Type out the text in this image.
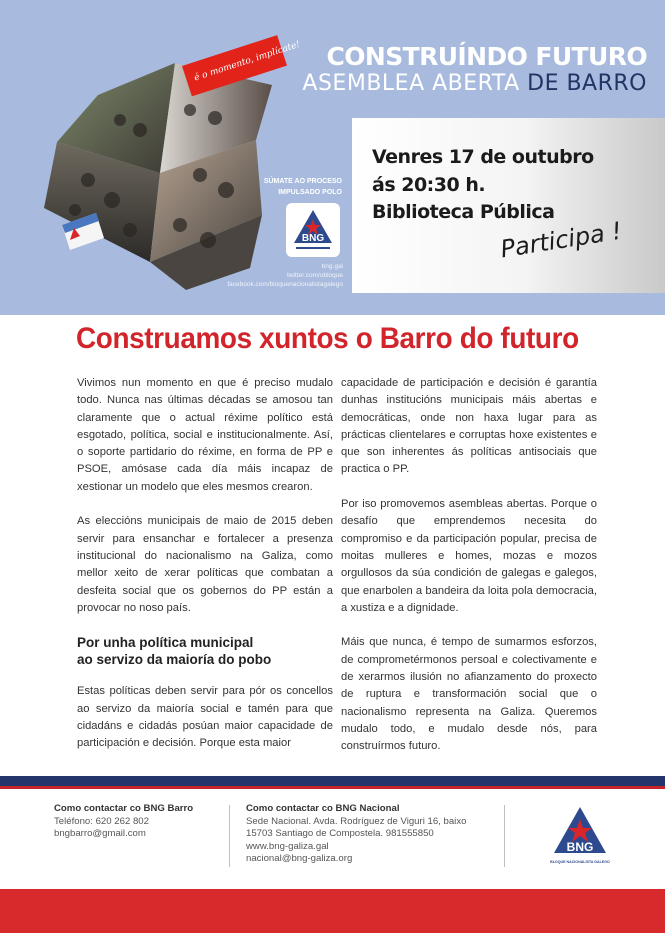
é o momento, implícate!	CONSTRUÍNDO FUTURO
ASEMBLEA ABERTA DE BARRO
SÚMATE AO PROCESO
IMPULSADO POLO
BNG
bng.gal
twitter.com/obloque
facebook.com/bloquenacionalistagalego
Venres 17 de outubro
ás 20:30 h.
Biblioteca Pública
Participa !
Construamos xuntos o Barro do futuro

Vivimos nun momento en que é preciso mudalo todo. Nunca nas últimas décadas se amosou tan claramente que o actual réxime político está esgotado, política, social e institucionalmente. Así, o soporte partidario do réxime, en forma de PP e PSOE, amósase cada día máis incapaz de xestionar un modelo que eles mesmos crearon.

As eleccións municipais de maio de 2015 deben servir para ensanchar e fortalecer a presenza institucional do nacionalismo na Galiza, como mellor xeito de xerar políticas que combatan a desfeita social que os gobernos do PP están a provocar no noso país.

Por unha política municipal
ao servizo da maioría do pobo

Estas políticas deben servir para pór os concellos ao servizo da maioría social e tamén para que cidadáns e cidadás posúan maior capacidade de participación e decisión. Porque esta maior

capacidade de participación e decisión é garantía dunhas institucións municipais máis abertas e democráticas, onde non haxa lugar para as prácticas clientelares e corruptas hoxe existentes e que son inherentes ás políticas antisociais que practica o PP.

Por iso promovemos asembleas abertas. Porque o desafío que emprendemos necesita do compromiso e da participación popular, precisa de moitas mulleres e homes, mozas e mozos orgullosos da súa condición de galegas e galegos, que enarbolen a bandeira da loita pola democracia, a xustiza e a dignidade.

Máis que nunca, é tempo de sumarmos esforzos, de comprometérmonos persoal e colectivamente e de xerarmos ilusión no afianzamento do proxecto de ruptura e transformación social que o nacionalismo representa na Galiza. Queremos mudalo todo, e mudalo desde nós, para construírmos futuro.

Como contactar co BNG Barro
Teléfono: 620 262 802
bngbarro@gmail.com
Como contactar co BNG Nacional
Sede Nacional. Avda. Rodríguez de Viguri 16, baixo
15703 Santiago de Compostela. 981555850
www.bng-galiza.gal
nacional@bng-galiza.org
BNG
BLOQUE NACIONALISTA GALEGO
